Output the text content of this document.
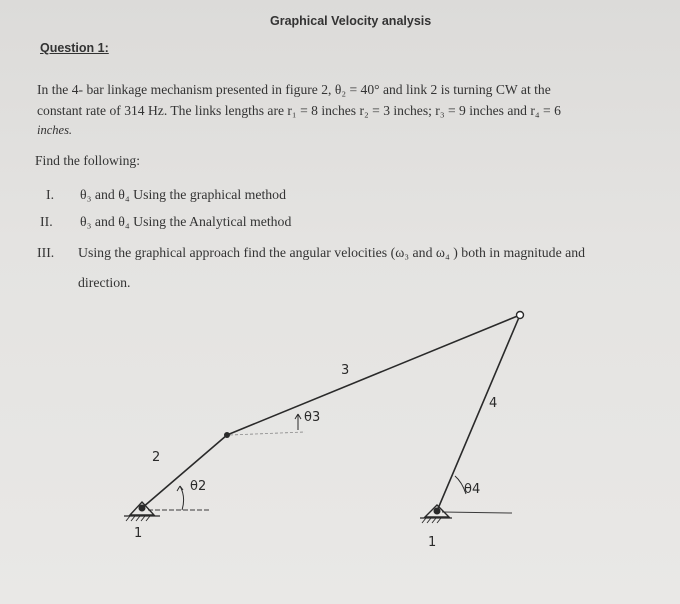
Graphical Velocity analysis
Question 1:
In the 4- bar linkage mechanism presented in figure 2, θ₂ = 40° and link 2 is turning CW at the
constant rate of 314 Hz. The links lengths are r₁ = 8 inches r₂ = 3 inches; r₃ = 9 inches and r₄ = 6
inches.
Find the following:
I. θ₃ and θ₄ Using the graphical method
II. θ₃ and θ₄ Using the Analytical method
III. Using the graphical approach find the angular velocities (ω₃ and ω₄ ) both in magnitude and
direction.
2
3
4
1
1
θ2
θ3
θ4
